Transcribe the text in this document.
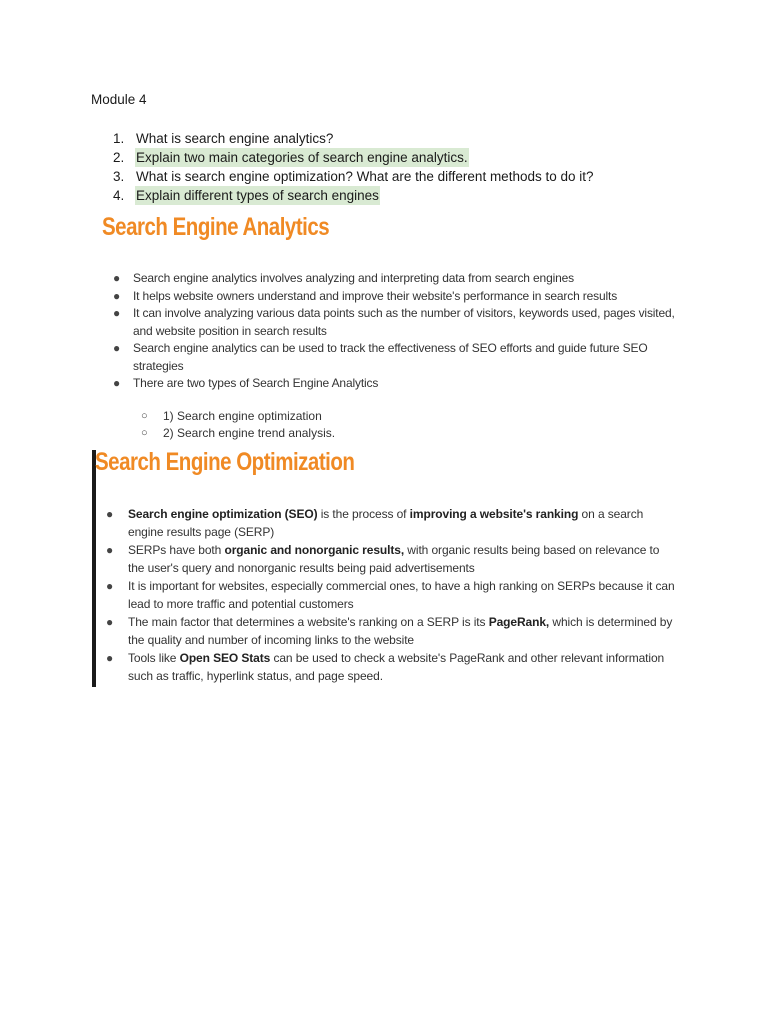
Module 4
1. What is search engine analytics?
2. Explain two main categories of search engine analytics.
3. What is search engine optimization? What are the different methods to do it?
4. Explain different types of search engines
Search Engine Analytics
● Search engine analytics involves analyzing and interpreting data from search engines
● It helps website owners understand and improve their website's performance in search results
● It can involve analyzing various data points such as the number of visitors, keywords used, pages visited, and website position in search results
● Search engine analytics can be used to track the effectiveness of SEO efforts and guide future SEO strategies
● There are two types of Search Engine Analytics
○ 1) Search engine optimization
○ 2) Search engine trend analysis.
Search Engine Optimization
● Search engine optimization (SEO) is the process of improving a website's ranking on a search engine results page (SERP)
● SERPs have both organic and nonorganic results, with organic results being based on relevance to the user's query and nonorganic results being paid advertisements
● It is important for websites, especially commercial ones, to have a high ranking on SERPs because it can lead to more traffic and potential customers
● The main factor that determines a website's ranking on a SERP is its PageRank, which is determined by the quality and number of incoming links to the website
● Tools like Open SEO Stats can be used to check a website's PageRank and other relevant information such as traffic, hyperlink status, and page speed.
